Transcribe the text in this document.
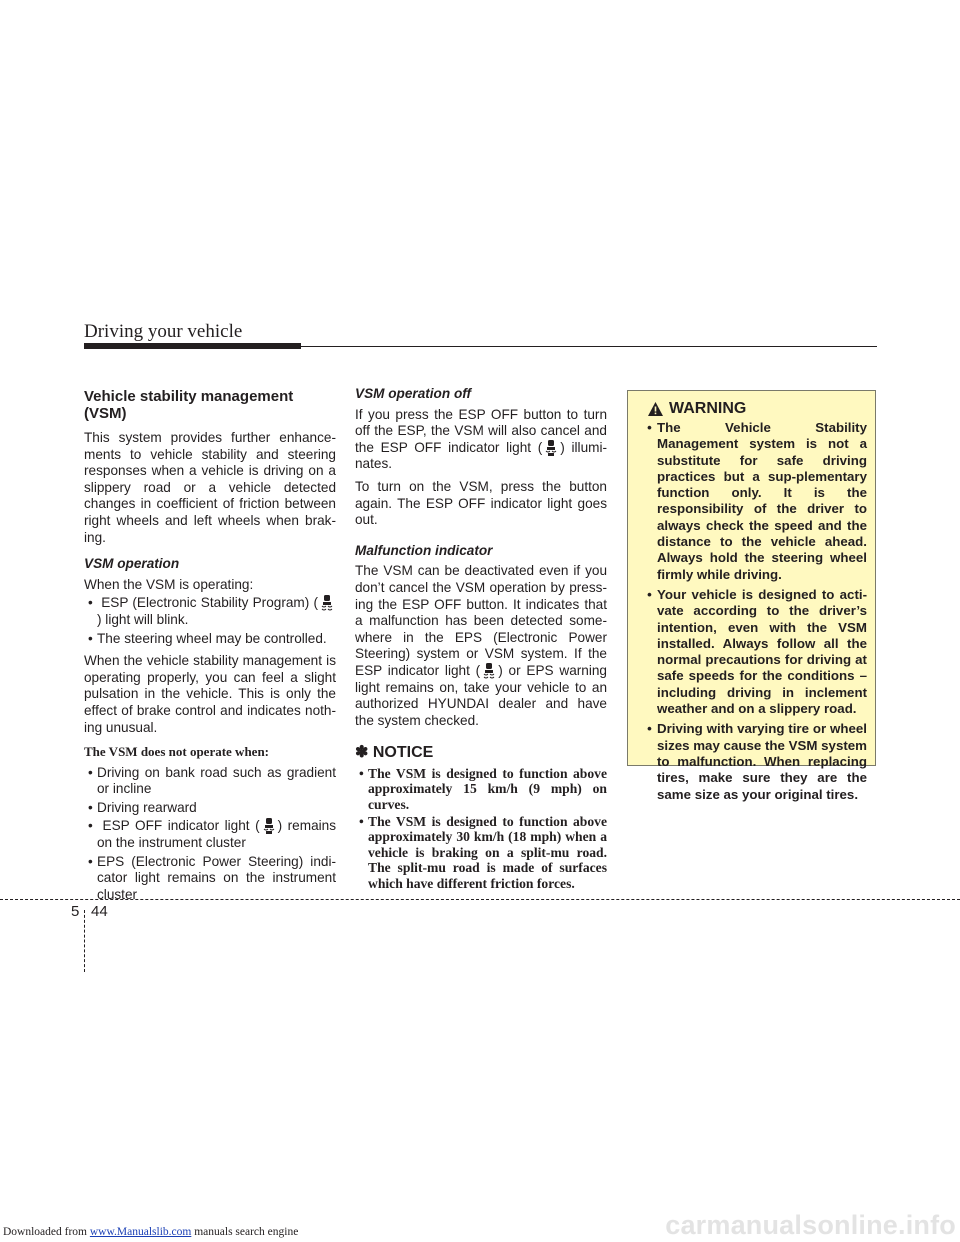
Driving your vehicle
Vehicle stability management (VSM)

This system provides further enhance-ments to vehicle stability and steering responses when a vehicle is driving on a slippery road or a vehicle detected changes in coefficient of friction between right wheels and left wheels when brak-ing.

VSM operation

When the VSM is operating:

• ESP (Electronic Stability Program) () light will blink.
• The steering wheel may be controlled.

When the vehicle stability management is operating properly, you can feel a slight pulsation in the vehicle. This is only the effect of brake control and indicates noth-ing unusual.

The VSM does not operate when:
• Driving on bank road such as gradient or incline
• Driving rearward
• ESP OFF indicator light ( ) remains on the instrument cluster
• EPS (Electronic Power Steering) indi-cator light remains on the instrument cluster
VSM operation off

If you press the ESP OFF button to turn off the ESP, the VSM will also cancel and the ESP OFF indicator light ( ) illumi-nates.

To turn on the VSM, press the button again. The ESP OFF indicator light goes out.

Malfunction indicator

The VSM can be deactivated even if you don’t cancel the VSM operation by press-ing the ESP OFF button. It indicates that a malfunction has been detected some-where in the EPS (Electronic Power Steering) system or VSM system. If the ESP indicator light ( ) or EPS warning light remains on, take your vehicle to an authorized HYUNDAI dealer and have the system checked.

✽ NOTICE
• The VSM is designed to function above approximately 15 km/h (9 mph) on curves.
• The VSM is designed to function above approximately 30 km/h (18 mph) when a vehicle is braking on a split-mu road. The split-mu road is made of surfaces which have different friction forces.
WARNING
• The Vehicle Stability Management system is not a substitute for safe driving practices but a sup-plementary function only. It is the responsibility of the driver to always check the speed and the distance to the vehicle ahead. Always hold the steering wheel firmly while driving.
• Your vehicle is designed to acti-vate according to the driver’s intention, even with the VSM installed. Always follow all the normal precautions for driving at safe speeds for the conditions – including driving in inclement weather and on a slippery road.
• Driving with varying tire or wheel sizes may cause the VSM system to malfunction. When replacing tires, make sure they are the same size as your original tires.
5 44
Downloaded from www.Manualslib.com manuals search engine	carmanualsonline.info
